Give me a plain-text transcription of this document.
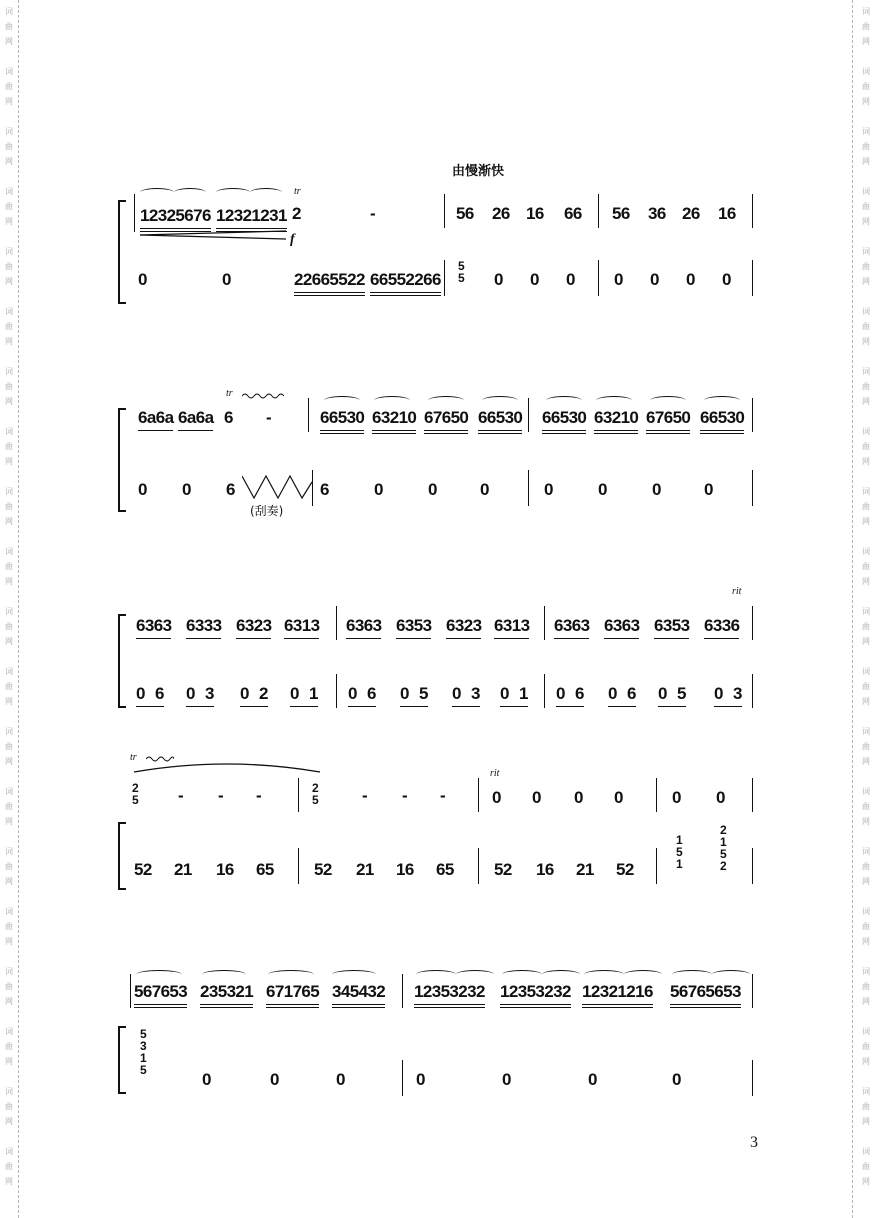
词
曲
网
词
曲
网
词
曲
网
词
曲
网
词
曲
网
词
曲
网
词
曲
网
词
曲
网
词
曲
网
词
曲
网
词
曲
网
词
曲
网
词
曲
网
词
曲
网
词
曲
网
词
曲
网
词
曲
网
词
曲
网
词
曲
网
词
曲
网
词
曲
网
词
曲
网
词
曲
网
词
曲
网
词
曲
网
词
曲
网
词
曲
网
词
曲
网
词
曲
网
词
曲
网
词
曲
网
词
曲
网
词
曲
网
词
曲
网
词
曲
网
词
曲
网
词
曲
网
词
曲
网
词
曲
网
词
曲
网
由慢渐快
12325676 12321231
tr
2	-	56 26 16 66 56 36 26 16
f
0	0	22665522 66552266
5
5 0 0 0 0 0 0 0
6a6a 6a6a
tr
6 -	66530 63210 67650 66530 66530 63210 67650 66530
0 0 6
(刮奏)
6	0	0	0	0	0	0	0
rit
6363 6333 6323 6313 6363 6353 6323 6313 6363 6363 6353 6336
0 6 0 3 0 2 0 1 0 6 0 5 0 3 0 1 0 6 0 6 0 5 0 3
tr
2
5 - - -	2
5	- - -
rit
0 0 0 0	0 0
52 21 16 65 52 21 16 65 52 16 21 52
1
5
1
2
1
5
2
567653 235321 671765 345432 12353232 12353232 12321216 56765653
5
3
1
5	0	0	0	0	0	0	0
3
